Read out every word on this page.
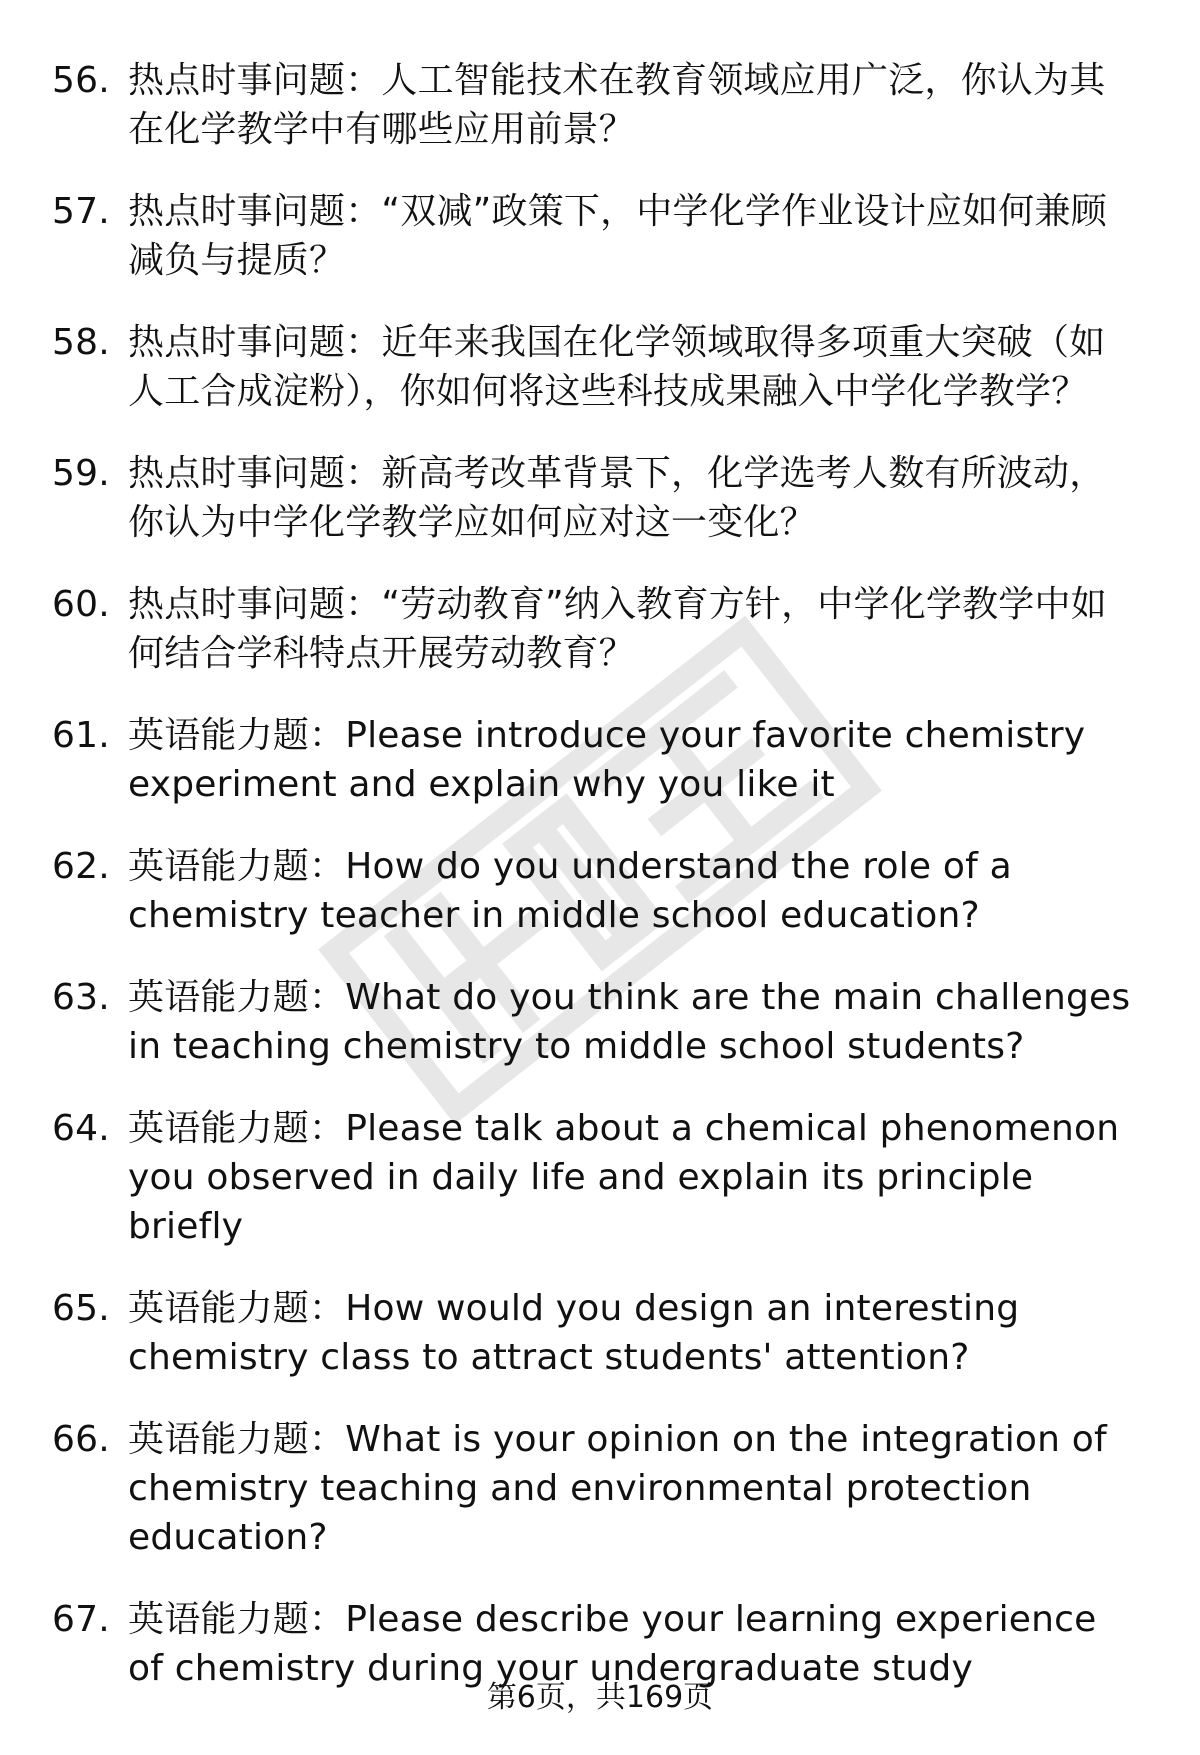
56. 热点时事问题：人工智能技术在教育领域应用广泛，你认为其在化学教学中有哪些应用前景？
57. 热点时事问题：“双减”政策下，中学化学作业设计应如何兼顾减负与提质？
58. 热点时事问题：近年来我国在化学领域取得多项重大突破（如人工合成淀粉），你如何将这些科技成果融入中学化学教学？
59. 热点时事问题：新高考改革背景下，化学选考人数有所波动，你认为中学化学教学应如何应对这一变化？
60. 热点时事问题：“劳动教育”纳入教育方针，中学化学教学中如何结合学科特点开展劳动教育？
61. 英语能力题：Please introduce your favorite chemistry experiment and explain why you like it
62. 英语能力题：How do you understand the role of a chemistry teacher in middle school education?
63. 英语能力题：What do you think are the main challenges in teaching chemistry to middle school students?
64. 英语能力题：Please talk about a chemical phenomenon you observed in daily life and explain its principle briefly
65. 英语能力题：How would you design an interesting chemistry class to attract students' attention?
66. 英语能力题：What is your opinion on the integration of chemistry teaching and environmental protection education?
67. 英语能力题：Please describe your learning experience of chemistry during your undergraduate study
第6页，共169页
